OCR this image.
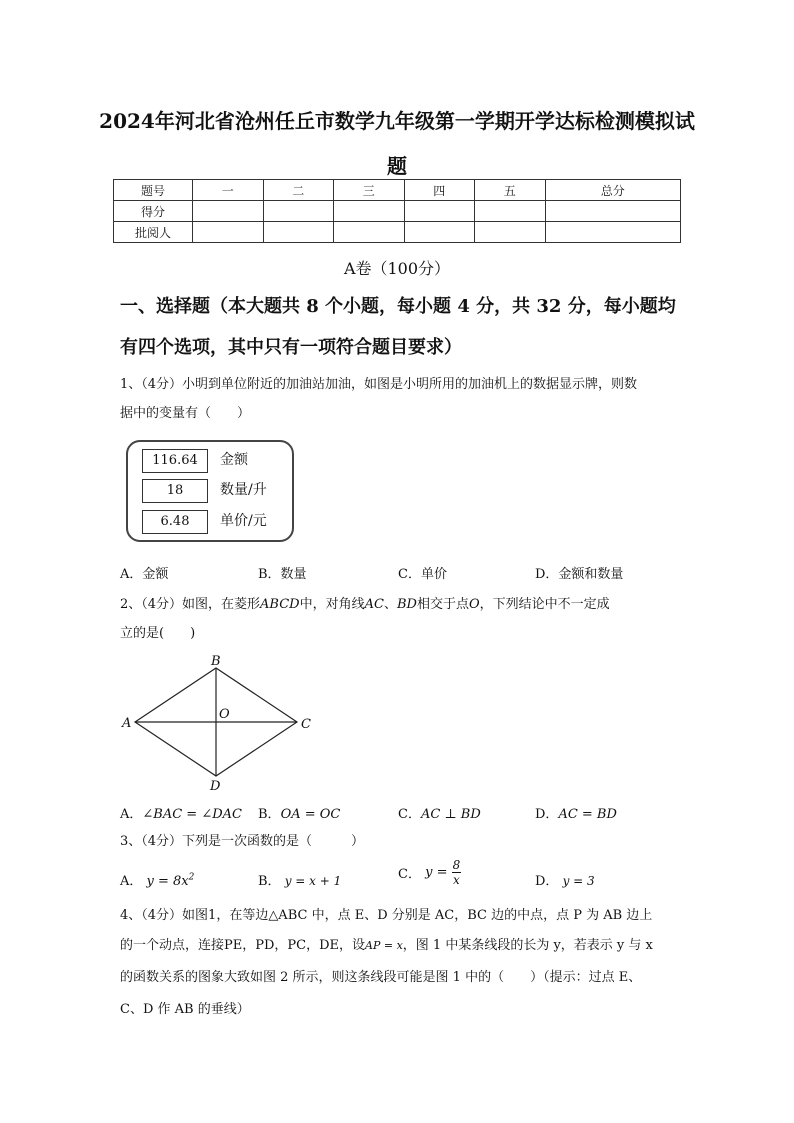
2024年河北省沧州任丘市数学九年级第一学期开学达标检测模拟试
题
题号	一	二	三	四	五	总分
得分						
批阅人						
A卷（100分）
一、选择题（本大题共 8 个小题，每小题 4 分，共 32 分，每小题均
有四个选项，其中只有一项符合题目要求）
1、（4分）小明到单位附近的加油站加油，如图是小明所用的加油机上的数据显示牌，则数
据中的变量有（　　）
116.64	金额
18	数量/升
6.48	单价/元
A．金额	B．数量	C．单价	D．金额和数量
2、（4分）如图，在菱形ABCD中，对角线AC、BD相交于点O，下列结论中不一定成
立的是(　　)
A
B
C
D
O
A．∠BAC = ∠DAC B．OA = OC	C．AC ⊥ BD	D．AC = BD
3、（4分）下列是一次函数的是（　　　）
A． $y = 8x^2$	B． y = x + 1	C． $y = \frac{8}{x}$	D． y = 3
4、（4分）如图1，在等边△ABC 中，点 E、D 分别是 AC，BC 边的中点，点 P 为 AB 边上
的一个动点，连接PE，PD，PC，DE，设AP = x，图 1 中某条线段的长为 y，若表示 y 与 x
的函数关系的图象大致如图 2 所示，则这条线段可能是图 1 中的（　　）（提示：过点 E、
C、D 作 AB 的垂线）
